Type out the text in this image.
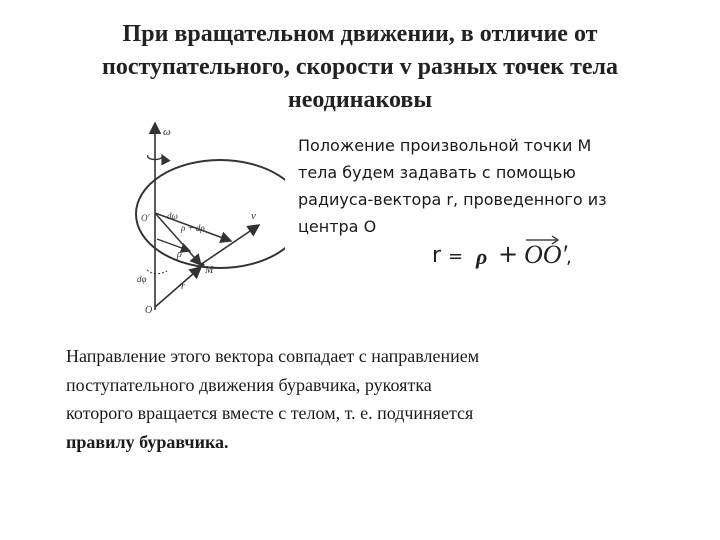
При вращательном движении, в отличие от
поступательного, скорости v разных точек тела
неодинаковы
ω
dω	v
ρ + dρ
ρ
M
r
dφ
O
O′
Положение произвольной точки М
тела будем задавать с помощью
радиуса-вектора r, проведенного из
центра О
r = ρ + OO′
,
Направление этого вектора совпадает с направлением
поступательного движения буравчика, рукоятка
которого вращается вместе с телом, т. е. подчиняется
правилу буравчика.
